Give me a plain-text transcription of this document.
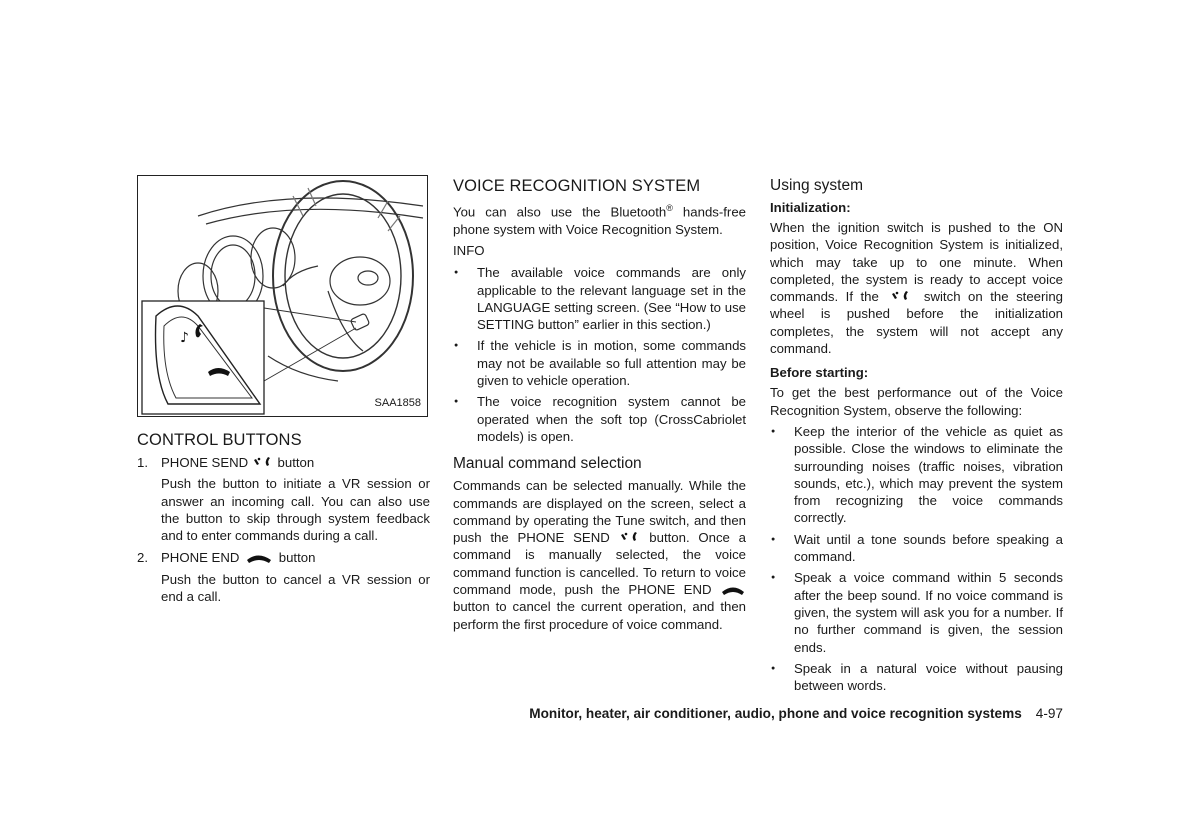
♪
SAA1858
CONTROL BUTTONS
1. PHONE SEND button

Push the button to initiate a VR session or answer an incoming call. You can also use the button to skip through system feedback and to enter commands during a call.

2. PHONE END	button

Push the button to cancel a VR session or end a call.

VOICE RECOGNITION SYSTEM

You can also use the Bluetooth® hands-free phone system with Voice Recognition System.

INFO

● The available voice commands are only applicable to the relevant language set in the LANGUAGE setting screen. (See “How to use SETTING button” earlier in this section.)
● If the vehicle is in motion, some commands may not be available so full attention may be given to vehicle operation.
● The voice recognition system cannot be operated when the soft top (CrossCabriolet models) is open.
Manual command selection

Commands can be selected manually. While the commands are displayed on the screen, select a command by operating the Tune switch, and then push the PHONE SEND  button. Once a command is manually selected, the voice command function is cancelled. To return to voice command mode, push the PHONE END  button to cancel the current operation, and then perform the first procedure of voice command.

Using system
Initialization:

When the ignition switch is pushed to the ON position, Voice Recognition System is initialized, which may take up to one minute. When completed, the system is ready to accept voice commands. If the	switch on the steering wheel is pushed before the initialization completes, the system will not accept any command.

Before starting:

To get the best performance out of the Voice Recognition System, observe the following:

● Keep the interior of the vehicle as quiet as possible. Close the windows to eliminate the surrounding noises (traffic noises, vibration sounds, etc.), which may prevent the system from recognizing the voice commands correctly.
● Wait until a tone sounds before speaking a command.
● Speak a voice command within 5 seconds after the beep sound. If no voice command is given, the system will ask you for a number. If no further command is given, the session ends.
● Speak in a natural voice without pausing between words.
Monitor, heater, air conditioner, audio, phone and voice recognition systems 4-97
